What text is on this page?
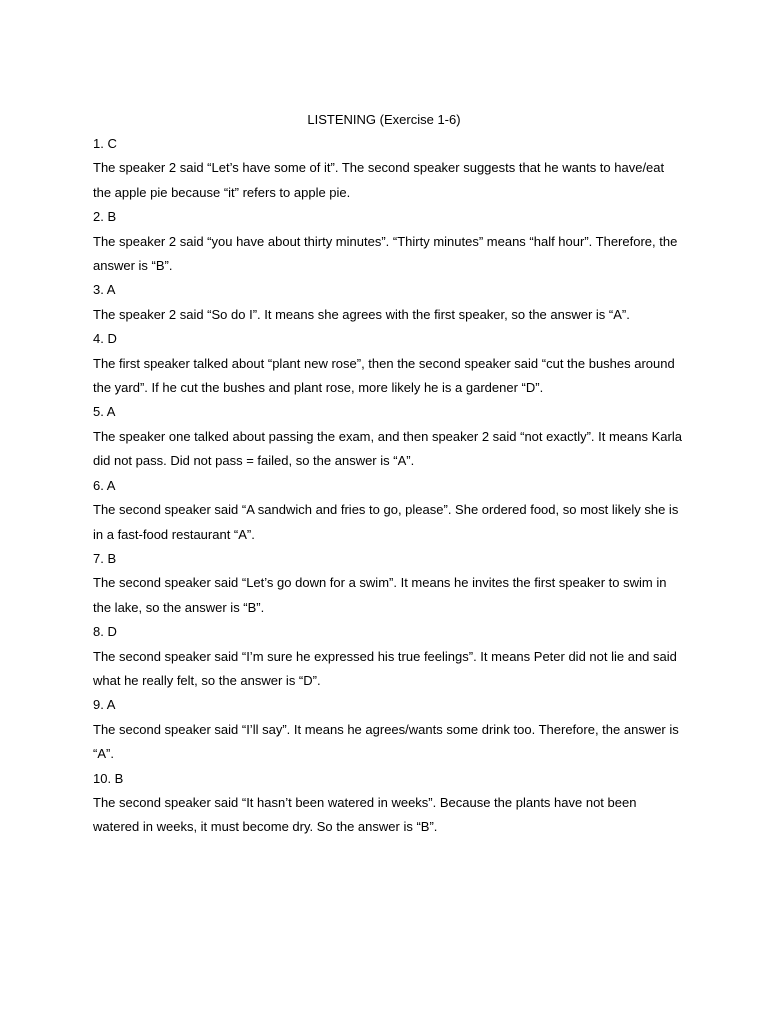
LISTENING (Exercise 1-6)
1. C
The speaker 2 said “Let’s have some of it”. The second speaker suggests that he wants to have/eat the apple pie because “it” refers to apple pie.
2. B
The speaker 2 said “you have about thirty minutes”. “Thirty minutes” means “half hour”. Therefore, the answer is “B”.
3. A
The speaker 2 said “So do I”. It means she agrees with the first speaker, so the answer is “A”.
4. D
The first speaker talked about “plant new rose”, then the second speaker said “cut the bushes around the yard”. If he cut the bushes and plant rose, more likely he is a gardener “D”.
5. A
The speaker one talked about passing the exam, and then speaker 2 said “not exactly”. It means Karla did not pass. Did not pass = failed, so the answer is “A”.
6. A
The second speaker said “A sandwich and fries to go, please”. She ordered food, so most likely she is in a fast-food restaurant “A”.
7. B
The second speaker said “Let’s go down for a swim”. It means he invites the first speaker to swim in the lake, so the answer is “B”.
8. D
The second speaker said “I’m sure he expressed his true feelings”. It means Peter did not lie and said what he really felt, so the answer is “D”.
9. A
The second speaker said “I’ll say”. It means he agrees/wants some drink too. Therefore, the answer is “A”.
10. B
The second speaker said “It hasn’t been watered in weeks”. Because the plants have not been watered in weeks, it must become dry. So the answer is “B”.
